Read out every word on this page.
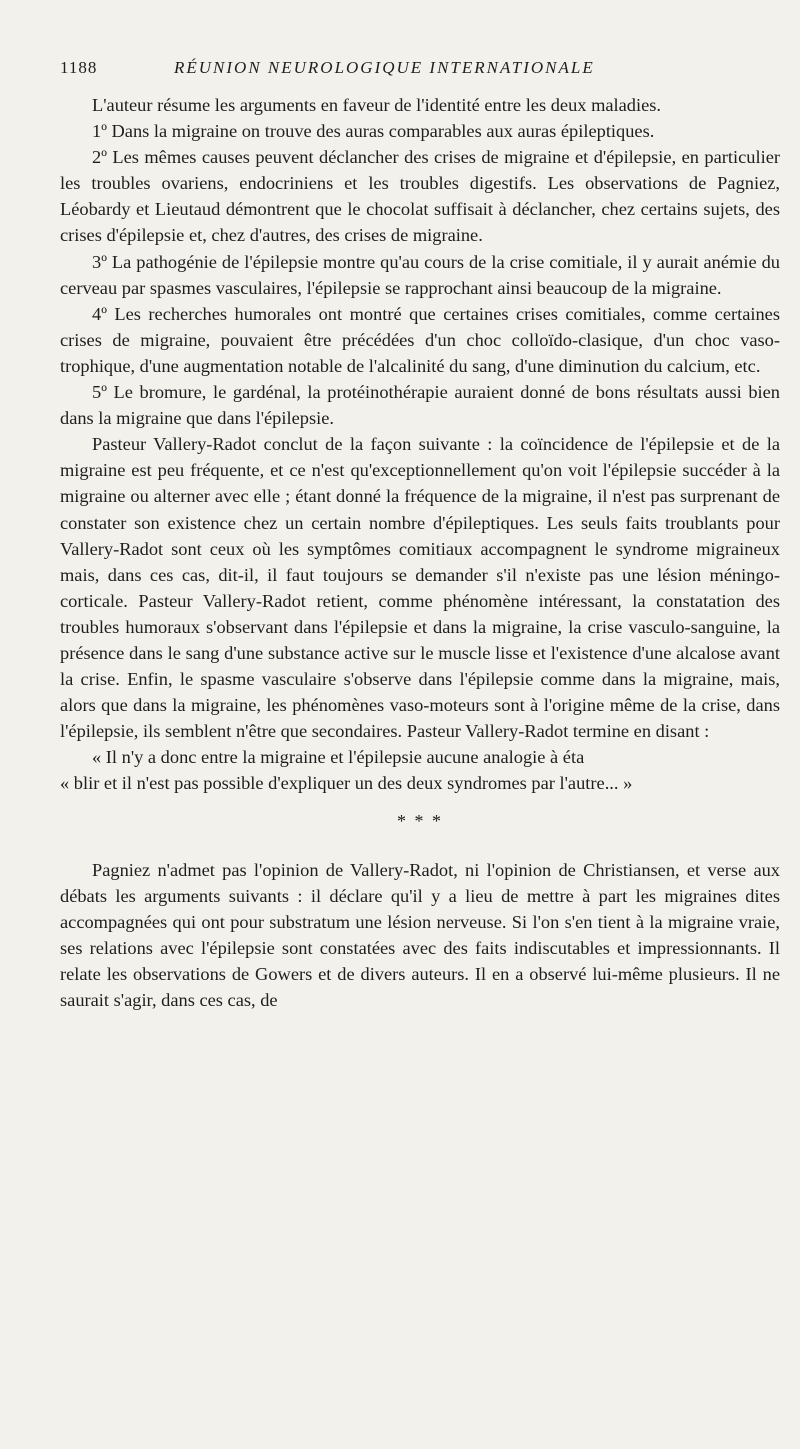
1188	RÉUNION NEUROLOGIQUE INTERNATIONALE

L'auteur résume les arguments en faveur de l'identité entre les deux maladies.

1º Dans la migraine on trouve des auras comparables aux auras épileptiques.

2º Les mêmes causes peuvent déclancher des crises de migraine et d'épilepsie, en particulier les troubles ovariens, endocriniens et les troubles digestifs. Les observations de Pagniez, Léobardy et Lieutaud démontrent que le chocolat suffisait à déclancher, chez certains sujets, des crises d'épilepsie et, chez d'autres, des crises de migraine.

3º La pathogénie de l'épilepsie montre qu'au cours de la crise comitiale, il y aurait anémie du cerveau par spasmes vasculaires, l'épilepsie se rapprochant ainsi beaucoup de la migraine.

4º Les recherches humorales ont montré que certaines crises comitiales, comme certaines crises de migraine, pouvaient être précédées d'un choc colloïdo-clasique, d'un choc vaso-trophique, d'une augmentation notable de l'alcalinité du sang, d'une diminution du calcium, etc.

5º Le bromure, le gardénal, la protéinothérapie auraient donné de bons résultats aussi bien dans la migraine que dans l'épilepsie.

Pasteur Vallery-Radot conclut de la façon suivante : la coïncidence de l'épilepsie et de la migraine est peu fréquente, et ce n'est qu'exceptionnellement qu'on voit l'épilepsie succéder à la migraine ou alterner avec elle ; étant donné la fréquence de la migraine, il n'est pas surprenant de constater son existence chez un certain nombre d'épileptiques. Les seuls faits troublants pour Vallery-Radot sont ceux où les symptômes comitiaux accompagnent le syndrome migraineux mais, dans ces cas, dit-il, il faut toujours se demander s'il n'existe pas une lésion méningo-corticale. Pasteur Vallery-Radot retient, comme phénomène intéressant, la constatation des troubles humoraux s'observant dans l'épilepsie et dans la migraine, la crise vasculo-sanguine, la présence dans le sang d'une substance active sur le muscle lisse et l'existence d'une alcalose avant la crise. Enfin, le spasme vasculaire s'observe dans l'épilepsie comme dans la migraine, mais, alors que dans la migraine, les phénomènes vaso-moteurs sont à l'origine même de la crise, dans l'épilepsie, ils semblent n'être que secondaires. Pasteur Vallery-Radot termine en disant :

« Il n'y a donc entre la migraine et l'épilepsie aucune analogie à éta

« blir et il n'est pas possible d'expliquer un des deux syndromes par l'autre... »

* * *

Pagniez n'admet pas l'opinion de Vallery-Radot, ni l'opinion de Christiansen, et verse aux débats les arguments suivants : il déclare qu'il y a lieu de mettre à part les migraines dites accompagnées qui ont pour substratum une lésion nerveuse. Si l'on s'en tient à la migraine vraie, ses relations avec l'épilepsie sont constatées avec des faits indiscutables et impressionnants. Il relate les observations de Gowers et de divers auteurs. Il en a observé lui-même plusieurs. Il ne saurait s'agir, dans ces cas, de
